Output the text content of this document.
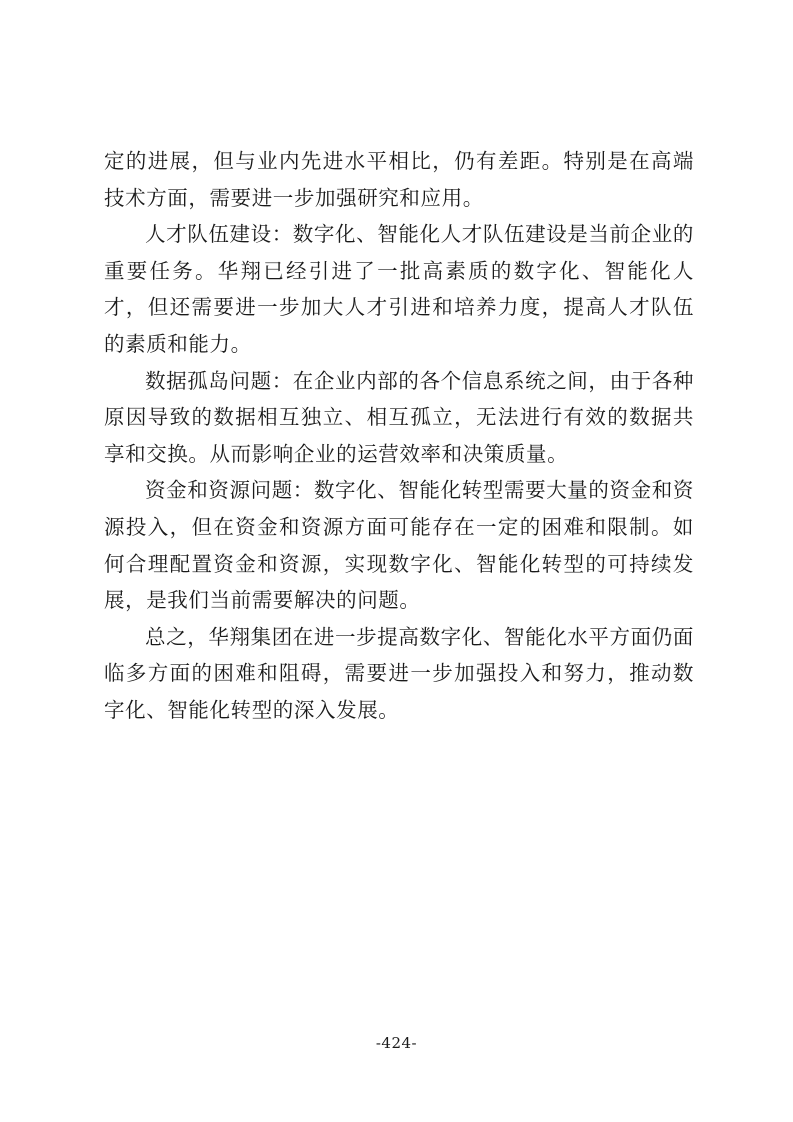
定的进展，但与业内先进水平相比，仍有差距。特别是在高端技术方面，需要进一步加强研究和应用。

人才队伍建设：数字化、智能化人才队伍建设是当前企业的重要任务。华翔已经引进了一批高素质的数字化、智能化人才，但还需要进一步加大人才引进和培养力度，提高人才队伍的素质和能力。

数据孤岛问题：在企业内部的各个信息系统之间，由于各种原因导致的数据相互独立、相互孤立，无法进行有效的数据共享和交换。从而影响企业的运营效率和决策质量。

资金和资源问题：数字化、智能化转型需要大量的资金和资源投入，但在资金和资源方面可能存在一定的困难和限制。如何合理配置资金和资源，实现数字化、智能化转型的可持续发展，是我们当前需要解决的问题。

总之，华翔集团在进一步提高数字化、智能化水平方面仍面临多方面的困难和阻碍，需要进一步加强投入和努力，推动数字化、智能化转型的深入发展。

-424-
